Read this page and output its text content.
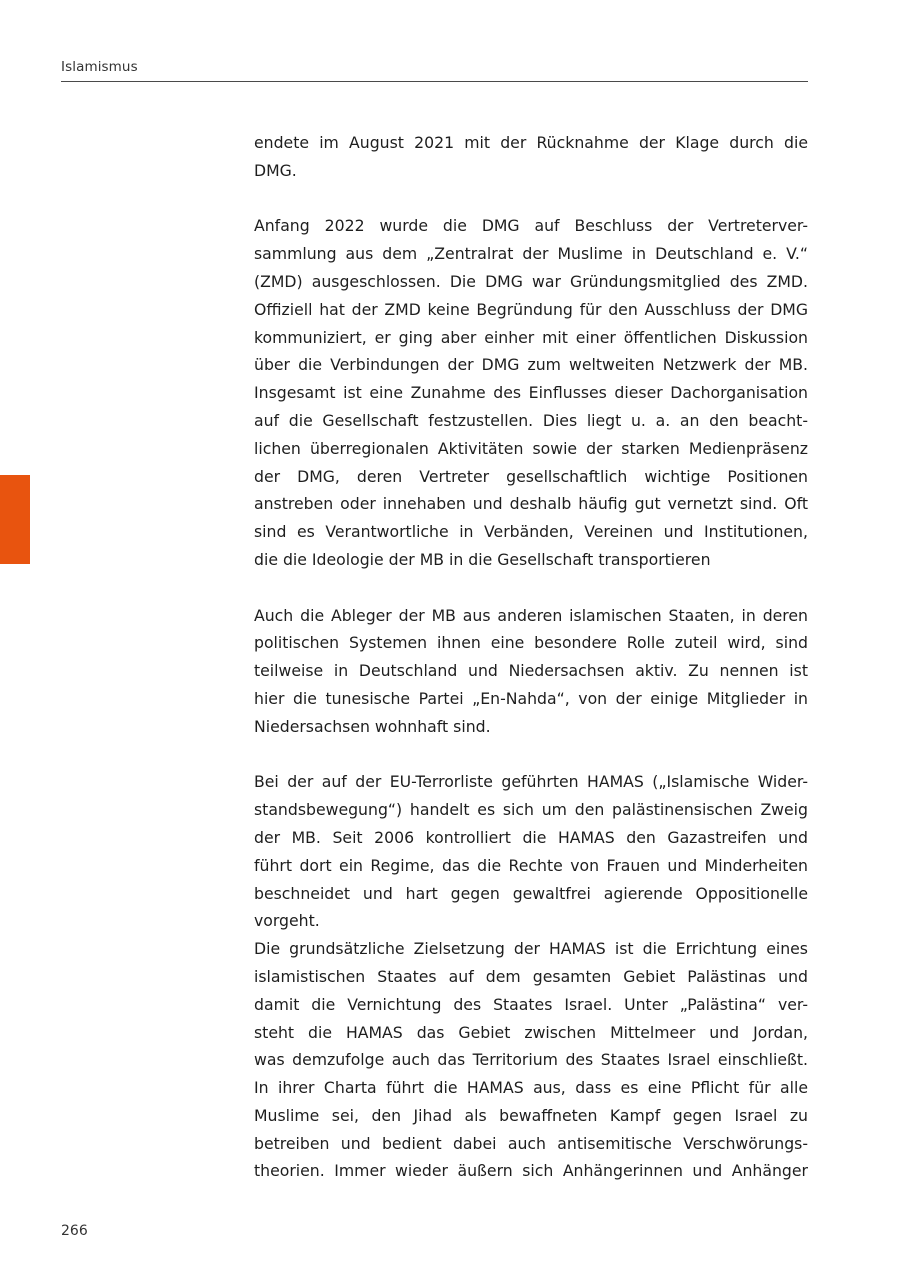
Islamismus
endete im August 2021 mit der Rücknahme der Klage durch die
DMG.
Anfang 2022 wurde die DMG auf Beschluss der Vertreterver-
sammlung aus dem „Zentralrat der Muslime in Deutschland e. V.“
(ZMD) ausgeschlossen. Die DMG war Gründungsmitglied des ZMD.
Offiziell hat der ZMD keine Begründung für den Ausschluss der DMG
kommuniziert, er ging aber einher mit einer öffentlichen Diskussion
über die Verbindungen der DMG zum weltweiten Netzwerk der MB.
Insgesamt ist eine Zunahme des Einflusses dieser Dachorganisation
auf die Gesellschaft festzustellen. Dies liegt u. a. an den beacht-
lichen überregionalen Aktivitäten sowie der starken Medienpräsenz
der DMG, deren Vertreter gesellschaftlich wichtige Positionen
anstreben oder innehaben und deshalb häufig gut vernetzt sind. Oft
sind es Verantwortliche in Verbänden, Vereinen und Institutionen,
die die Ideologie der MB in die Gesellschaft transportieren
Auch die Ableger der MB aus anderen islamischen Staaten, in deren
politischen Systemen ihnen eine besondere Rolle zuteil wird, sind
teilweise in Deutschland und Niedersachsen aktiv. Zu nennen ist
hier die tunesische Partei „En-Nahda“, von der einige Mitglieder in
Niedersachsen wohnhaft sind.
Bei der auf der EU-Terrorliste geführten HAMAS („Islamische Wider-
standsbewegung“) handelt es sich um den palästinensischen Zweig
der MB. Seit 2006 kontrolliert die HAMAS den Gazastreifen und
führt dort ein Regime, das die Rechte von Frauen und Minderheiten
beschneidet und hart gegen gewaltfrei agierende Oppositionelle
vorgeht.
Die grundsätzliche Zielsetzung der HAMAS ist die Errichtung eines
islamistischen Staates auf dem gesamten Gebiet Palästinas und
damit die Vernichtung des Staates Israel. Unter „Palästina“ ver-
steht die HAMAS das Gebiet zwischen Mittelmeer und Jordan,
was demzufolge auch das Territorium des Staates Israel einschließt.
In ihrer Charta führt die HAMAS aus, dass es eine Pflicht für alle
Muslime sei, den Jihad als bewaffneten Kampf gegen Israel zu
betreiben und bedient dabei auch antisemitische Verschwörungs-
theorien. Immer wieder äußern sich Anhängerinnen und Anhänger
266
